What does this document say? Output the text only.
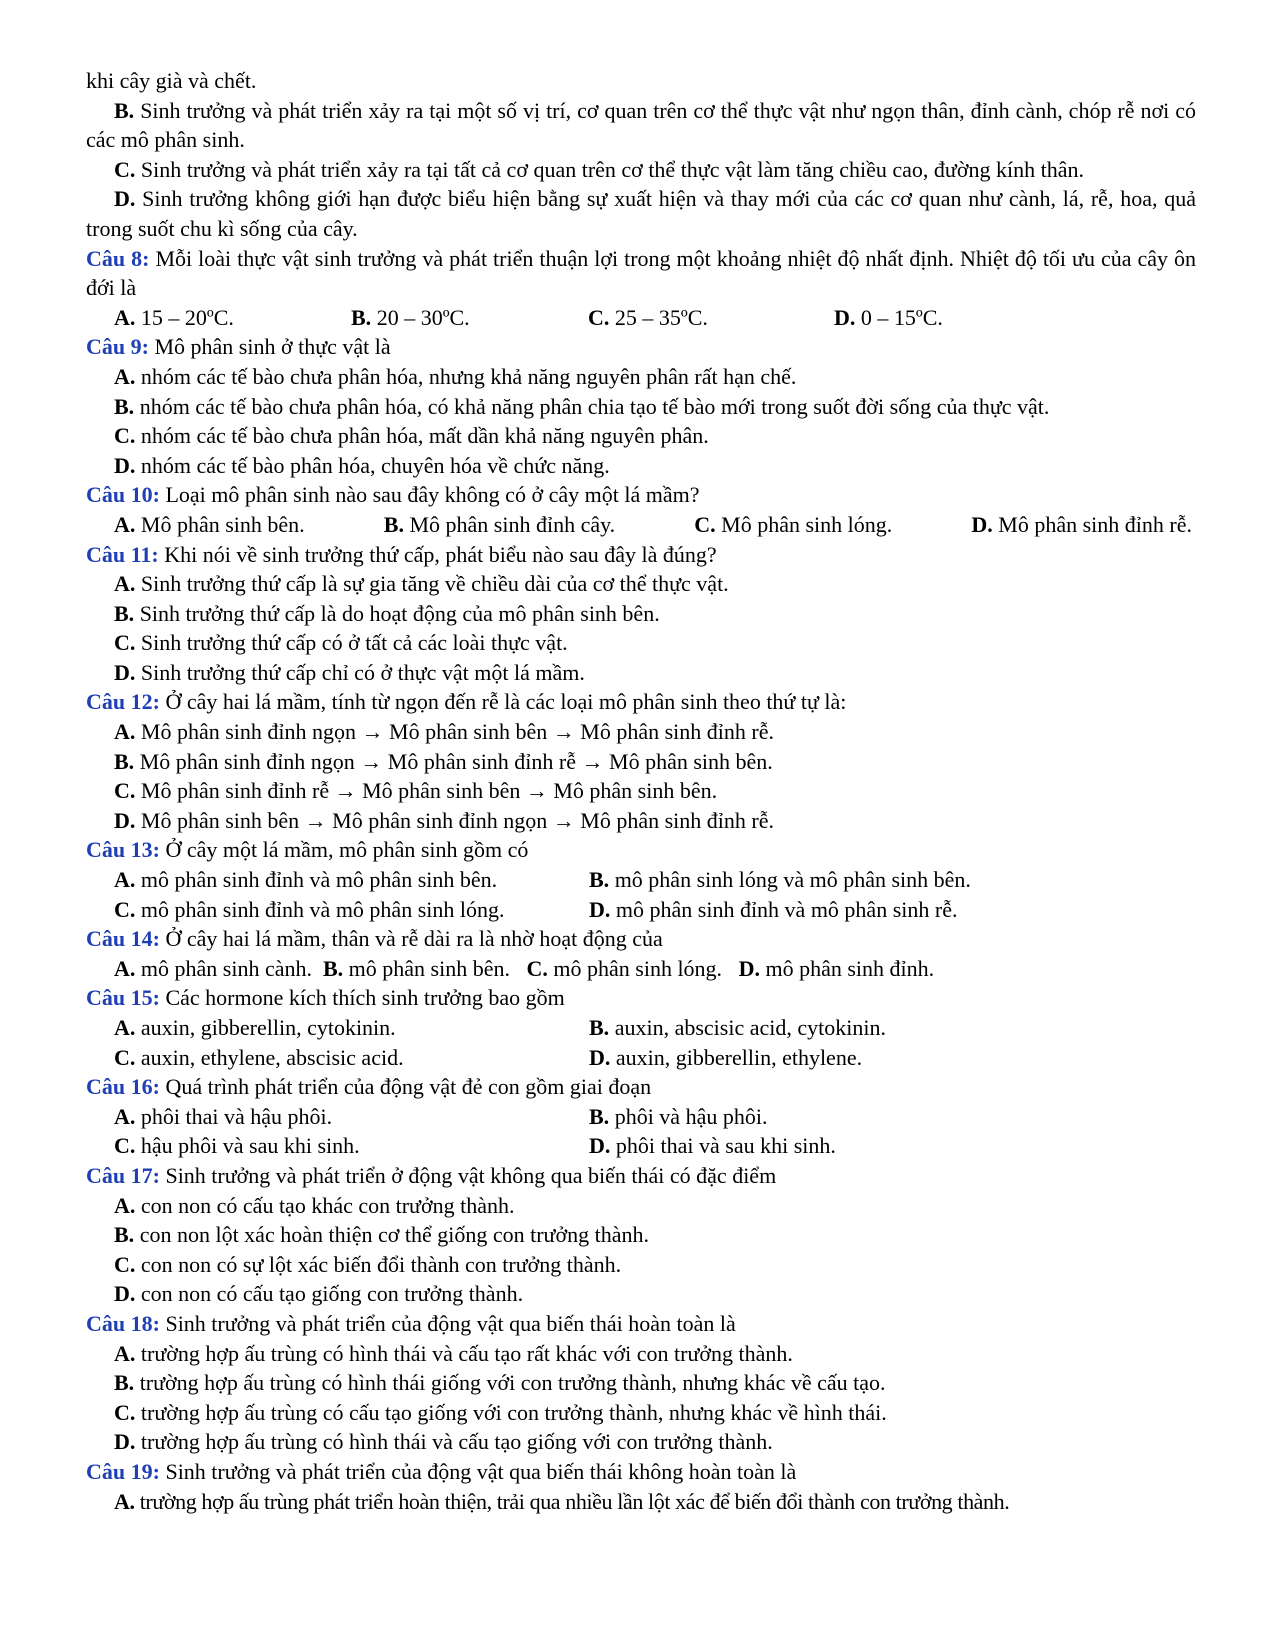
khi cây già và chết.
B. Sinh trưởng và phát triển xảy ra tại một số vị trí, cơ quan trên cơ thể thực vật như ngọn thân, đỉnh cành, chóp rễ nơi có các mô phân sinh.
C. Sinh trưởng và phát triển xảy ra tại tất cả cơ quan trên cơ thể thực vật làm tăng chiều cao, đường kính thân.
D. Sinh trưởng không giới hạn được biểu hiện bằng sự xuất hiện và thay mới của các cơ quan như cành, lá, rễ, hoa, quả trong suốt chu kì sống của cây.
Câu 8: Mỗi loài thực vật sinh trưởng và phát triển thuận lợi trong một khoảng nhiệt độ nhất định. Nhiệt độ tối ưu của cây ôn đới là
A. 15 – 20ºC.	B. 20 – 30ºC.	C. 25 – 35ºC.	D. 0 – 15ºC.
Câu 9: Mô phân sinh ở thực vật là
A. nhóm các tế bào chưa phân hóa, nhưng khả năng nguyên phân rất hạn chế.
B. nhóm các tế bào chưa phân hóa, có khả năng phân chia tạo tế bào mới trong suốt đời sống của thực vật.
C. nhóm các tế bào chưa phân hóa, mất dần khả năng nguyên phân.
D. nhóm các tế bào phân hóa, chuyên hóa về chức năng.
Câu 10: Loại mô phân sinh nào sau đây không có ở cây một lá mầm?
A. Mô phân sinh bên.	B. Mô phân sinh đỉnh cây.	C. Mô phân sinh lóng.	D. Mô phân sinh đỉnh rễ.
Câu 11: Khi nói về sinh trưởng thứ cấp, phát biểu nào sau đây là đúng?
A. Sinh trưởng thứ cấp là sự gia tăng về chiều dài của cơ thể thực vật.
B. Sinh trưởng thứ cấp là do hoạt động của mô phân sinh bên.
C. Sinh trưởng thứ cấp có ở tất cả các loài thực vật.
D. Sinh trưởng thứ cấp chỉ có ở thực vật một lá mầm.
Câu 12: Ở cây hai lá mầm, tính từ ngọn đến rễ là các loại mô phân sinh theo thứ tự là:
A. Mô phân sinh đỉnh ngọn → Mô phân sinh bên → Mô phân sinh đỉnh rễ.
B. Mô phân sinh đỉnh ngọn → Mô phân sinh đỉnh rễ → Mô phân sinh bên.
C. Mô phân sinh đỉnh rễ → Mô phân sinh bên → Mô phân sinh bên.
D. Mô phân sinh bên → Mô phân sinh đỉnh ngọn → Mô phân sinh đỉnh rễ.
Câu 13: Ở cây một lá mầm, mô phân sinh gồm có
A. mô phân sinh đỉnh và mô phân sinh bên.	B. mô phân sinh lóng và mô phân sinh bên.
C. mô phân sinh đỉnh và mô phân sinh lóng.	D. mô phân sinh đỉnh và mô phân sinh rễ.
Câu 14: Ở cây hai lá mầm, thân và rễ dài ra là nhờ hoạt động của
A. mô phân sinh cành. B. mô phân sinh bên. C. mô phân sinh lóng. D. mô phân sinh đỉnh.
Câu 15: Các hormone kích thích sinh trưởng bao gồm
A. auxin, gibberellin, cytokinin.	B. auxin, abscisic acid, cytokinin.
C. auxin, ethylene, abscisic acid.	D. auxin, gibberellin, ethylene.
Câu 16: Quá trình phát triển của động vật đẻ con gồm giai đoạn
A. phôi thai và hậu phôi.	B. phôi và hậu phôi.
C. hậu phôi và sau khi sinh.	D. phôi thai và sau khi sinh.
Câu 17: Sinh trưởng và phát triển ở động vật không qua biến thái có đặc điểm
A. con non có cấu tạo khác con trưởng thành.
B. con non lột xác hoàn thiện cơ thể giống con trưởng thành.
C. con non có sự lột xác biến đổi thành con trưởng thành.
D. con non có cấu tạo giống con trưởng thành.
Câu 18: Sinh trưởng và phát triển của động vật qua biến thái hoàn toàn là
A. trường hợp ấu trùng có hình thái và cấu tạo rất khác với con trưởng thành.
B. trường hợp ấu trùng có hình thái giống với con trưởng thành, nhưng khác về cấu tạo.
C. trường hợp ấu trùng có cấu tạo giống với con trưởng thành, nhưng khác về hình thái.
D. trường hợp ấu trùng có hình thái và cấu tạo giống với con trưởng thành.
Câu 19: Sinh trưởng và phát triển của động vật qua biến thái không hoàn toàn là
A. trường hợp ấu trùng phát triển hoàn thiện, trải qua nhiều lần lột xác để biến đổi thành con trưởng thành.
